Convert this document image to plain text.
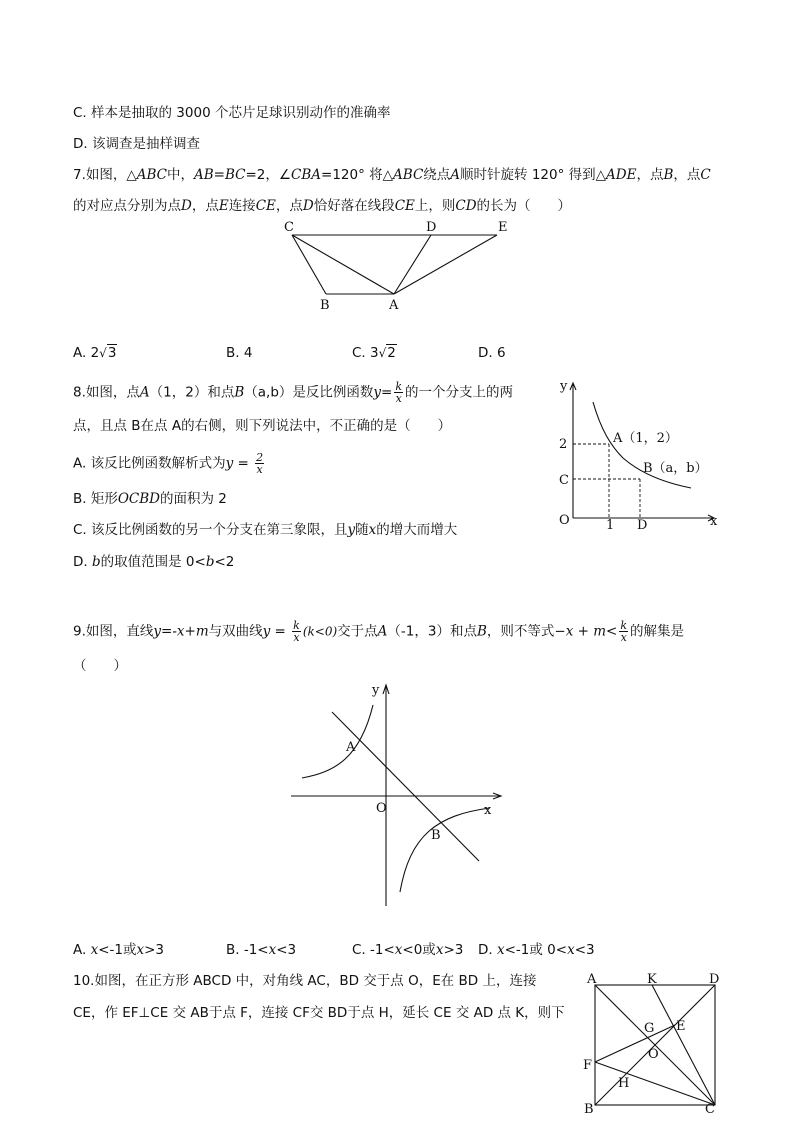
C. 样本是抽取的 3000 个芯片足球识别动作的准确率
D. 该调查是抽样调查
7.如图，△ABC中，AB=BC=2，∠CBA=120° 将△ABC绕点A顺时针旋转 120° 得到△ADE，点B，点C
的对应点分别为点D，点E连接CE，点D恰好落在线段CE上，则CD的长为（　　）
C	D	E
B	A
A. 2√3	B. 4	C. 3√2	D. 6
8.如图，点A（1，2）和点B（a,b）是反比例函数$y= \frac{k}{x}$ 的一个分支上的两
点，且点 B在点 A的右侧，则下列说法中，不正确的是（　　）
A. 该反比例函数解析式为$y = \frac{2}{x}$
B. 矩形OCBD的面积为 2
C. 该反比例函数的另一个分支在第三象限，且y随x的增大而增大
D. b的取值范围是 0<b<2
y
x
O
2
C
1 D
A（1，2）
B（a，b）
9.如图，直线y=-x+m与双曲线$y = \frac{k}{x} (k<0)$交于点A（-1，3）和点B，则不等式$-x + m< \frac{k}{x}$ 的解集是
（　　）
y
x
O
A
B
A. x<-1或x>3	B. -1<x<3	C. -1<x<0或x>3 D. x<-1或 0<x<3
10.如图，在正方形 ABCD 中，对角线 AC，BD 交于点 O，E在 BD 上，连接
CE，作 EF⊥CE 交 AB于点 F，连接 CF交 BD于点 H，延长 CE 交 AD 点 K，则下
A	K	D
G E
O
F
H
B	C
